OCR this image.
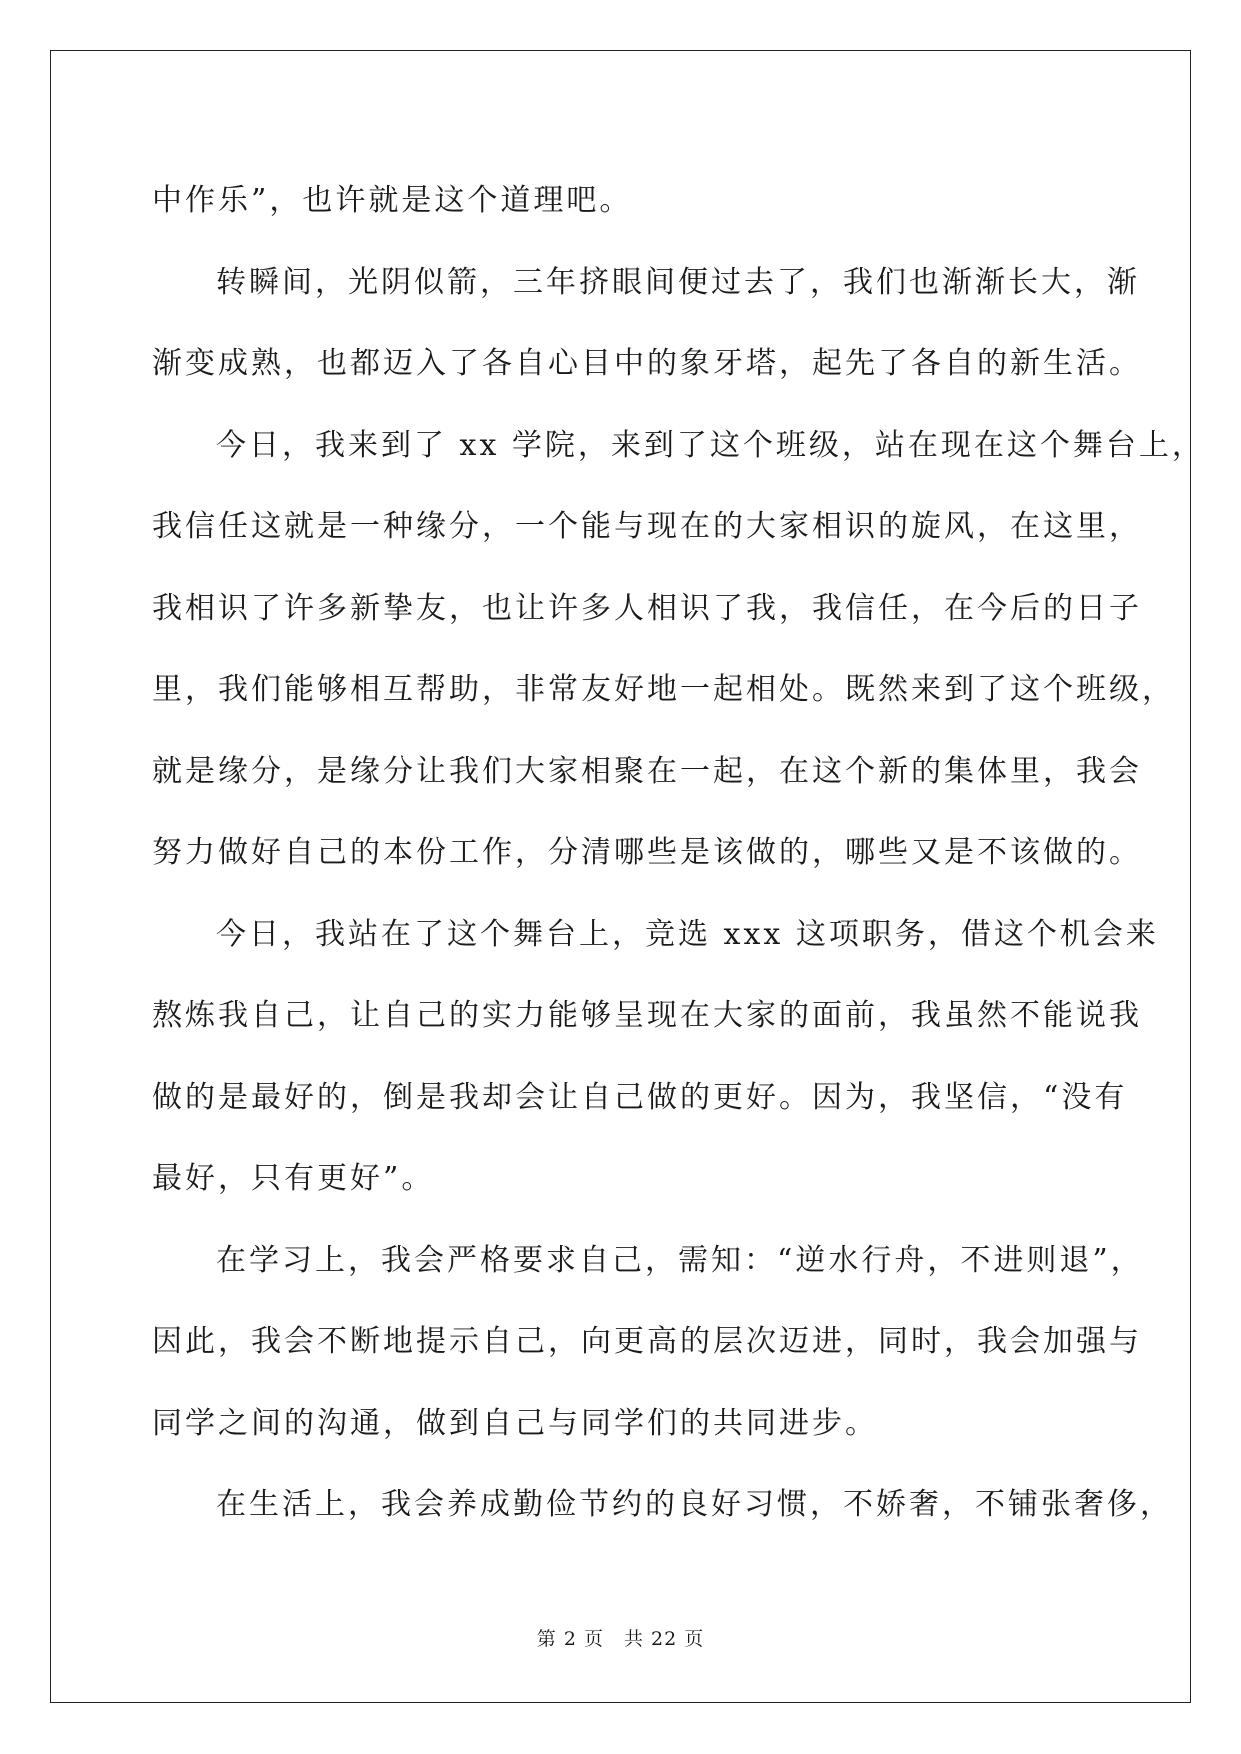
中作乐”，也许就是这个道理吧。
转瞬间，光阴似箭，三年挤眼间便过去了，我们也渐渐长大，渐
渐变成熟，也都迈入了各自心目中的象牙塔，起先了各自的新生活。
今日，我来到了 xx 学院，来到了这个班级，站在现在这个舞台上，
我信任这就是一种缘分，一个能与现在的大家相识的旋风，在这里，
我相识了许多新挚友，也让许多人相识了我，我信任，在今后的日子
里，我们能够相互帮助，非常友好地一起相处。既然来到了这个班级，
就是缘分，是缘分让我们大家相聚在一起，在这个新的集体里，我会
努力做好自己的本份工作，分清哪些是该做的，哪些又是不该做的。
今日，我站在了这个舞台上，竞选 xxx 这项职务，借这个机会来
熬炼我自己，让自己的实力能够呈现在大家的面前，我虽然不能说我
做的是最好的，倒是我却会让自己做的更好。因为，我坚信，“没有
最好，只有更好”。
在学习上，我会严格要求自己，需知：“逆水行舟，不进则退”，
因此，我会不断地提示自己，向更高的层次迈进，同时，我会加强与
同学之间的沟通，做到自己与同学们的共同进步。
在生活上，我会养成勤俭节约的良好习惯，不娇奢，不铺张奢侈，
第 2 页　共 22 页
